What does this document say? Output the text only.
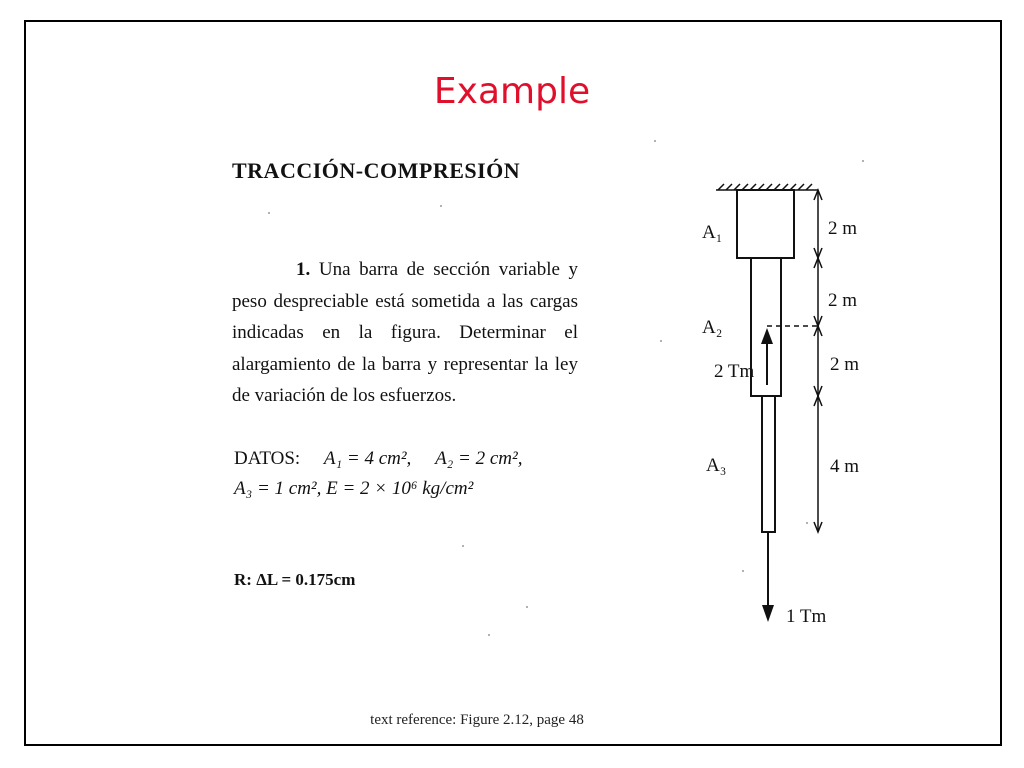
Example
TRACCIÓN-COMPRESIÓN

1. Una barra de sección variable y peso despreciable está sometida a las cargas indicadas en la figura. Determinar el alargamiento de la barra y representar la ley de variación de los esfuerzos.

DATOS: A₁ = 4 cm², A₂ = 2 cm²,
A₃ = 1 cm², E = 2 × 10⁶ kg/cm²
R: ΔL = 0.175cm
A₁
A₂
A₃
2 Tm
1 Tm
2 m
2 m
2 m
4 m
text reference: Figure 2.12, page 48
